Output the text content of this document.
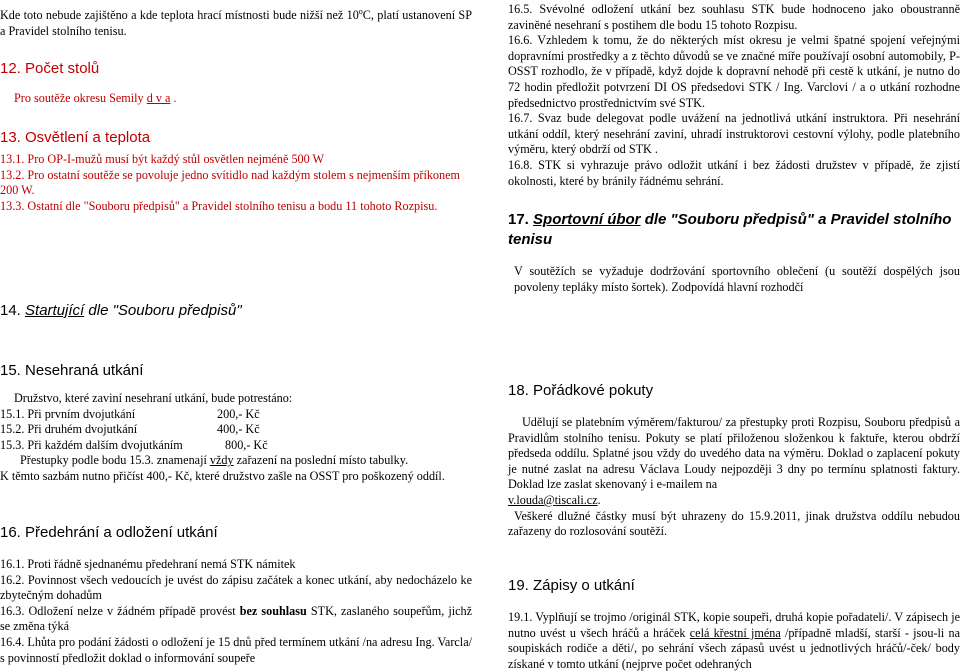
Kde toto nebude zajištěno a kde teplota hrací místnosti bude nižší než 10$^o$C, platí ustanovení SP a Pravidel stolního tenisu.

12. Počet stolů

Pro soutěže okresu Semily d v a .

13. Osvětlení a teplota

13.1. Pro OP-I-mužů musí být každý stůl osvětlen nejméně 500 W

13.2. Pro ostatní soutěže se povoluje jedno svítidlo nad každým stolem s nejmenším příkonem 200 W.

13.3. Ostatní dle "Souboru předpisů" a Pravidel stolního tenisu a bodu 11 tohoto Rozpisu.

14. Startující dle "Souboru předpisů"
15. Nesehraná utkání

Družstvo, které zaviní nesehraní utkání, bude potrestáno:

15.1. Při prvním dvojutkání	200,- Kč

15.2. Při druhém dvojutkání	400,- Kč

15.3. Při každém dalším dvojutkáním	800,- Kč

Přestupky podle bodu 15.3. znamenají vždy zařazení na poslední místo tabulky.

K těmto sazbám nutno přičíst 400,- Kč, které družstvo zašle na OSST pro poškozený oddíl.

16. Předehrání a odložení utkání

16.1. Proti řádně sjednanému předehraní nemá STK námitek

16.2. Povinnost všech vedoucích je uvést do zápisu začátek a konec utkání, aby nedocházelo ke zbytečným dohadům

16.3. Odložení nelze v žádném případě provést bez souhlasu STK, zaslaného soupeřům, jichž se změna týká

16.4. Lhůta pro podání žádosti o odložení je 15 dnů před termínem utkání /na adresu Ing. Varcla/ s povinností předložit doklad o informování soupeře

16.5. Svévolné odložení utkání bez souhlasu STK bude hodnoceno jako oboustranně zaviněné nesehraní s postihem dle bodu 15 tohoto Rozpisu.

16.6. Vzhledem k tomu, že do některých míst okresu je velmi špatné spojení veřejnými dopravními prostředky a z těchto důvodů se ve značné míře používají osobní automobily, P-OSST rozhodlo, že v případě, když dojde k dopravní nehodě při cestě k utkání, je nutno do 72 hodin předložit potvrzení DI OS předsedovi STK / Ing. Varclovi / a o utkání rozhodne předsednictvo prostřednictvím své STK.

16.7. Svaz bude delegovat podle uvážení na jednotlivá utkání instruktora. Při nesehrání utkání oddíl, který nesehrání zaviní, uhradí instruktorovi cestovní výlohy, podle platebního výměru, který obdrží od STK .

16.8. STK si vyhrazuje právo odložit utkání i bez žádosti družstev v případě, že zjistí okolnosti, které by bránily řádnému sehrání.

17. Sportovní úbor dle "Souboru předpisů" a Pravidel stolního tenisu

V soutěžích se vyžaduje dodržování sportovního oblečení (u soutěží dospělých jsou povoleny tepláky místo šortek). Zodpovídá hlavní rozhodčí

18. Pořádkové pokuty

Udělují se platebním výměrem/fakturou/ za přestupky proti Rozpisu, Souboru předpisů a Pravidlům stolního tenisu. Pokuty se platí přiloženou složenkou k faktuře, kterou obdrží předseda oddílu. Splatné jsou vždy do uvedého data na výměru. Doklad o zaplacení pokuty je nutné zaslat na adresu Václava Loudy nejpozději 3 dny po termínu splatnosti faktury. Doklad lze zaslat skenovaný i e-mailem na

v.louda@tiscali.cz.

Veškeré dlužné částky musí být uhrazeny do 15.9.2011, jinak družstva oddílu nebudou zařazeny do rozlosování soutěží.

19. Zápisy o utkání

19.1. Vyplňují se trojmo /originál STK, kopie soupeři, druhá kopie pořadateli/. V zápisech je nutno uvést u všech hráčů a hráček celá křestní jména /případně mladší, starší - jsou-li na soupiskách rodiče a děti/, po sehrání všech zápasů uvést u jednotlivých hráčů/-ček/ body získané v tomto utkání (nejprve počet odehraných
